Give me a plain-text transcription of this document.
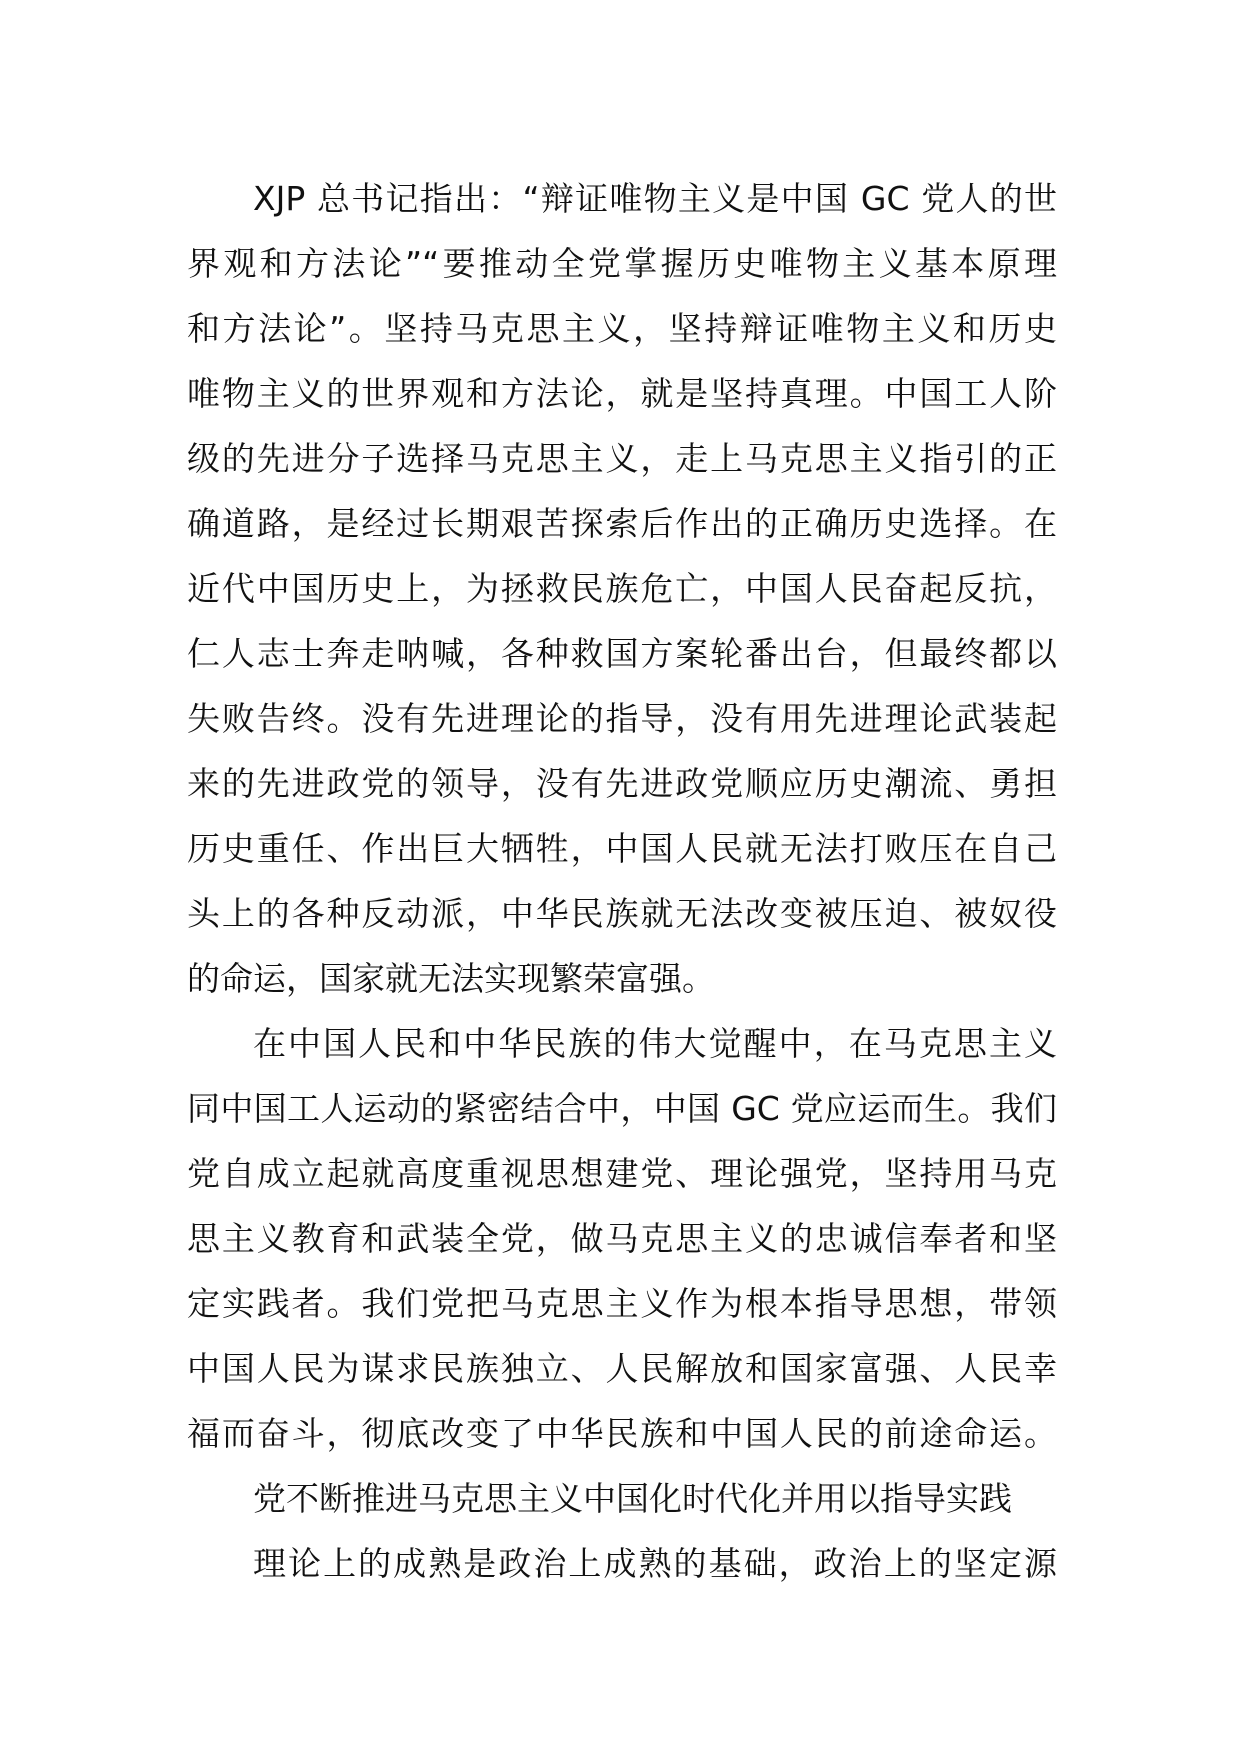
XJP 总书记指出：“辩证唯物主义是中国 GC 党人的世
界观和方法论”“要推动全党掌握历史唯物主义基本原理
和方法论”。坚持马克思主义，坚持辩证唯物主义和历史
唯物主义的世界观和方法论，就是坚持真理。中国工人阶
级的先进分子选择马克思主义，走上马克思主义指引的正
确道路，是经过长期艰苦探索后作出的正确历史选择。在
近代中国历史上，为拯救民族危亡，中国人民奋起反抗，
仁人志士奔走呐喊，各种救国方案轮番出台，但最终都以
失败告终。没有先进理论的指导，没有用先进理论武装起
来的先进政党的领导，没有先进政党顺应历史潮流、勇担
历史重任、作出巨大牺牲，中国人民就无法打败压在自己
头上的各种反动派，中华民族就无法改变被压迫、被奴役
的命运，国家就无法实现繁荣富强。
在中国人民和中华民族的伟大觉醒中，在马克思主义
同中国工人运动的紧密结合中，中国 GC 党应运而生。我们
党自成立起就高度重视思想建党、理论强党，坚持用马克
思主义教育和武装全党，做马克思主义的忠诚信奉者和坚
定实践者。我们党把马克思主义作为根本指导思想，带领
中国人民为谋求民族独立、人民解放和国家富强、人民幸
福而奋斗，彻底改变了中华民族和中国人民的前途命运。
党不断推进马克思主义中国化时代化并用以指导实践
理论上的成熟是政治上成熟的基础，政治上的坚定源
